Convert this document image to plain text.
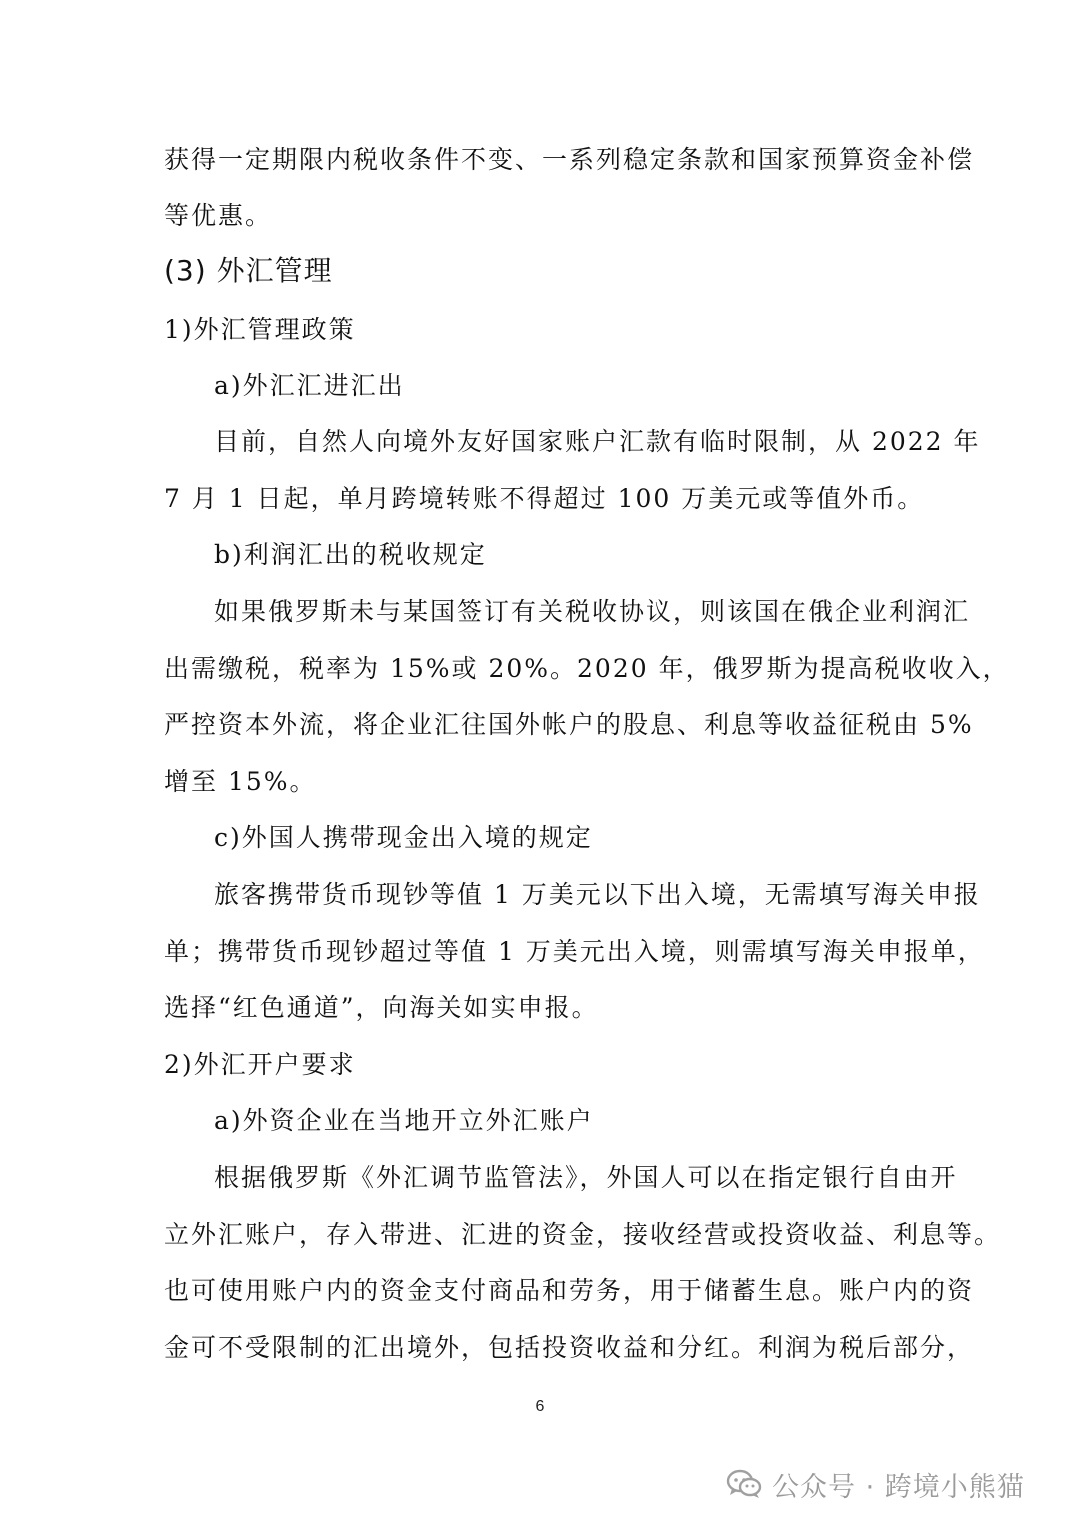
获得一定期限内税收条件不变、一系列稳定条款和国家预算资金补偿
等优惠。
(3) 外汇管理
1)外汇管理政策
a)外汇汇进汇出
目前，自然人向境外友好国家账户汇款有临时限制，从 2022 年
7 月 1 日起，单月跨境转账不得超过 100 万美元或等值外币。
b)利润汇出的税收规定
如果俄罗斯未与某国签订有关税收协议，则该国在俄企业利润汇
出需缴税，税率为 15%或 20%。2020 年，俄罗斯为提高税收收入，
严控资本外流，将企业汇往国外帐户的股息、利息等收益征税由 5%
增至 15%。
c)外国人携带现金出入境的规定
旅客携带货币现钞等值 1 万美元以下出入境，无需填写海关申报
单；携带货币现钞超过等值 1 万美元出入境，则需填写海关申报单，
选择“红色通道”，向海关如实申报。
2)外汇开户要求
a)外资企业在当地开立外汇账户
根据俄罗斯《外汇调节监管法》，外国人可以在指定银行自由开
立外汇账户，存入带进、汇进的资金，接收经营或投资收益、利息等。
也可使用账户内的资金支付商品和劳务，用于储蓄生息。账户内的资
金可不受限制的汇出境外，包括投资收益和分红。利润为税后部分，
6
公众号 · 跨境小熊猫
